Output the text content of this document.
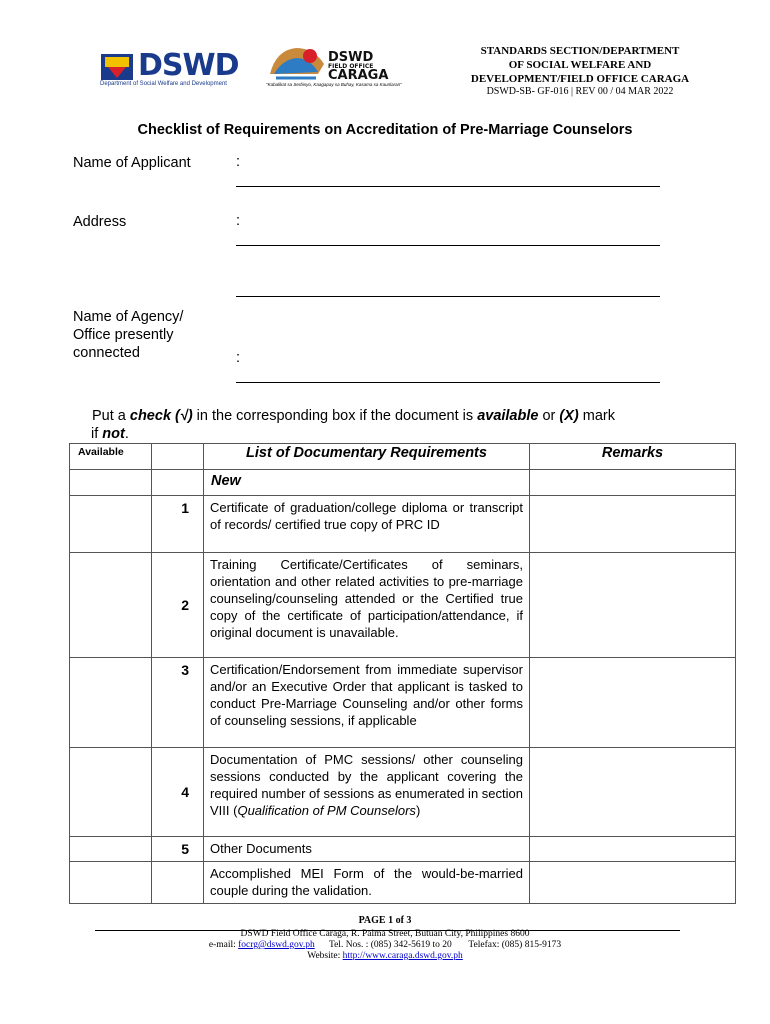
DSWD
Department of Social Welfare and Development
DSWD
FIELD OFFICE
CARAGA
"Kabalikat sa Serbisyo, Kaagapay sa Buhay, Kasama sa Kaunlaran"
STANDARDS SECTION/DEPARTMENT
OF SOCIAL WELFARE AND
DEVELOPMENT/FIELD OFFICE CARAGA
DSWD-SB- GF-016 | REV 00 / 04 MAR 2022
Checklist of Requirements on Accreditation of Pre-Marriage Counselors
Name of Applicant	:
Address	:
Name of Agency/
Office presently
connected	:
Put a check (√) in the corresponding box if the document is available or (X) mark
if not.
Available		List of Documentary Requirements	Remarks
		New	
	1	Certificate of graduation/college diploma or transcript of records/ certified true copy of PRC ID	
	2	Training Certificate/Certificates of seminars, orientation and other related activities to pre-marriage counseling/counseling attended or the Certified true copy of the certificate of participation/attendance, if original document is unavailable.	
	3	Certification/Endorsement from immediate supervisor and/or an Executive Order that applicant is tasked to conduct Pre-Marriage Counseling and/or other forms of counseling sessions, if applicable	
	4	Documentation of PMC sessions/ other counseling sessions conducted by the applicant covering the required number of sessions as enumerated in section VIII (Qualification of PM Counselors)	
	5	Other Documents	
		Accomplished MEI Form of the would-be-married couple during the validation.	
PAGE 1 of 3
DSWD Field Office Caraga, R. Palma Street, Butuan City, Philippines 8600
e-mail: focrg@dswd.gov.ph Tel. Nos. : (085) 342-5619 to 20 Telefax: (085) 815-9173
Website: http://www.caraga.dswd.gov.ph
